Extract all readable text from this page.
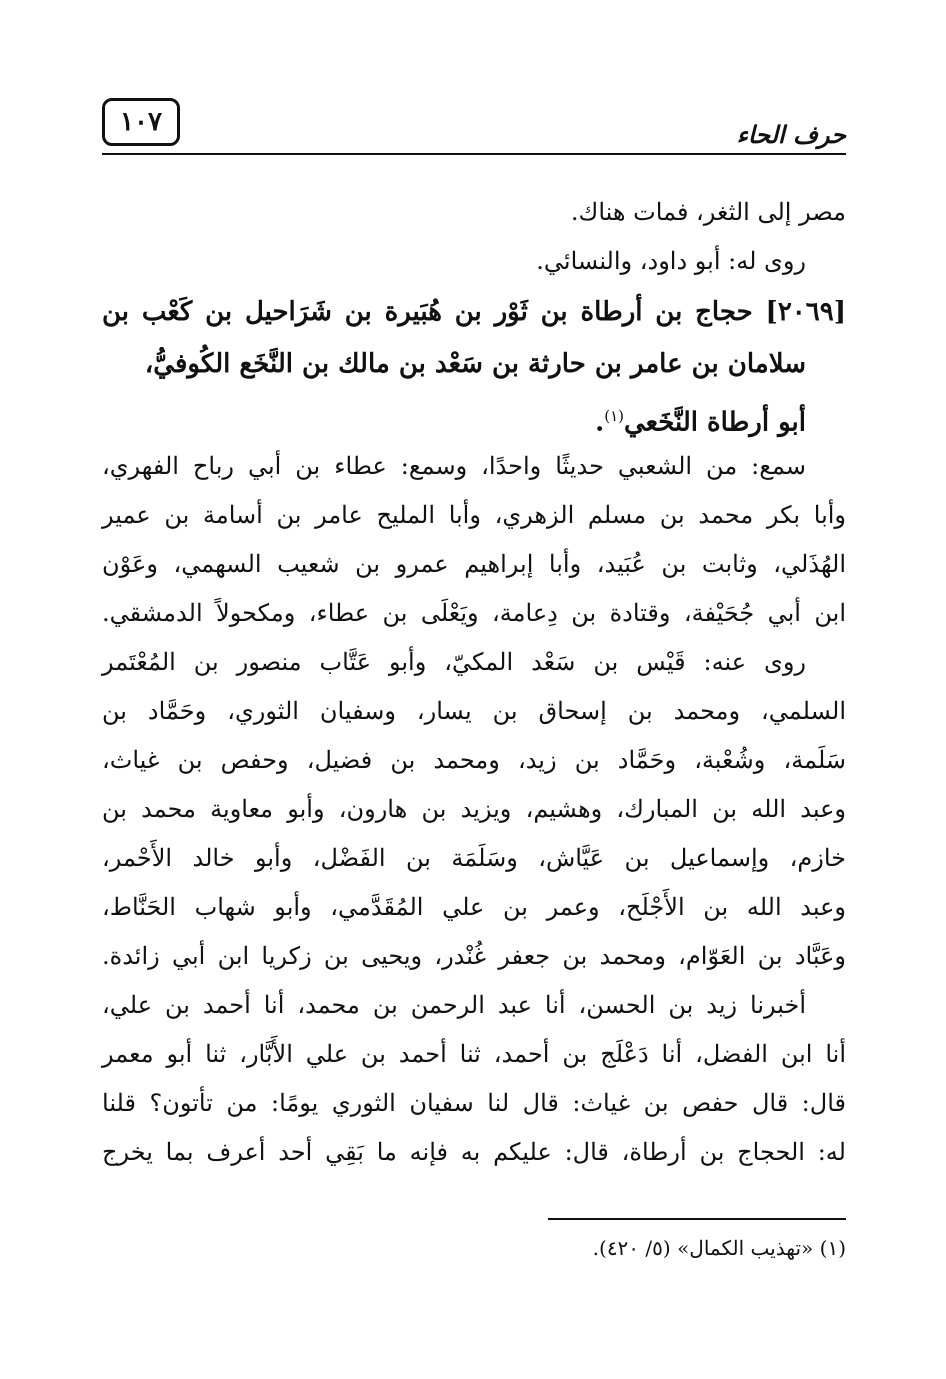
١٠٧	حرف الحاء
مصر إلى الثغر، فمات هناك.
روى له: أبو داود، والنسائي.
[٢٠٦٩] حجاج بن أرطاة بن ثَوْر بن هُبَيرة بن شَرَاحيل بن كَعْب بن
سلامان بن عامر بن حارثة بن سَعْد بن مالك بن النَّخَع الكُوفيُّ،
أبو أرطاة النَّخَعي$^{(١)}$.
سمع: من الشعبي حديثًا واحدًا، وسمع: عطاء بن أبي رباح الفهري،
وأبا بكر محمد بن مسلم الزهري، وأبا المليح عامر بن أسامة بن عمير
الهُذَلي، وثابت بن عُبَيد، وأبا إبراهيم عمرو بن شعيب السهمي، وعَوْن
ابن أبي جُحَيْفة، وقتادة بن دِعامة، ويَعْلَى بن عطاء، ومكحولاً الدمشقي.
روى عنه: قَيْس بن سَعْد المكيّ، وأبو عَتَّاب منصور بن المُعْتَمر
السلمي، ومحمد بن إسحاق بن يسار، وسفيان الثوري، وحَمَّاد بن
سَلَمة، وشُعْبة، وحَمَّاد بن زيد، ومحمد بن فضيل، وحفص بن غياث،
وعبد الله بن المبارك، وهشيم، ويزيد بن هارون، وأبو معاوية محمد بن
خازم، وإسماعيل بن عَيَّاش، وسَلَمَة بن الفَضْل، وأبو خالد الأَحْمر،
وعبد الله بن الأَجْلَح، وعمر بن علي المُقَدَّمي، وأبو شهاب الحَنَّاط،
وعَبَّاد بن العَوّام، ومحمد بن جعفر غُنْدر، ويحيى بن زكريا ابن أبي زائدة.
أخبرنا زيد بن الحسن، أنا عبد الرحمن بن محمد، أنا أحمد بن علي،
أنا ابن الفضل، أنا دَعْلَج بن أحمد، ثنا أحمد بن علي الأَبَّار، ثنا أبو معمر
قال: قال حفص بن غياث: قال لنا سفيان الثوري يومًا: من تأتون؟ قلنا
له: الحجاج بن أرطاة، قال: عليكم به فإنه ما بَقِي أحد أعرف بما يخرج
(١) «تهذيب الكمال» (٥/ ٤٢٠).
